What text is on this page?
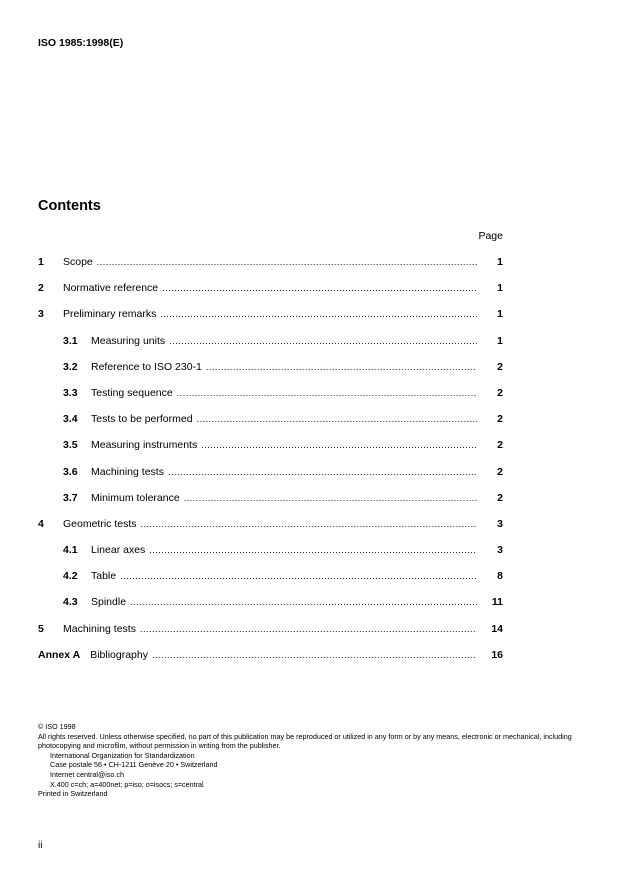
ISO 1985:1998(E)
Contents
Page
1	Scope .....	1
2	Normative reference .....	1
3	Preliminary remarks .....	1
3.1	Measuring units .....	1
3.2	Reference to ISO 230-1 .....	2
3.3	Testing sequence .....	2
3.4	Tests to be performed .....	2
3.5	Measuring instruments .....	2
3.6	Machining tests .....	2
3.7	Minimum tolerance .....	2
4	Geometric tests .....	3
4.1	Linear axes .....	3
4.2	Table .....	8
4.3	Spindle .....	11
5	Machining tests .....	14
Annex A Bibliography .....	16
© ISO 1998
All rights reserved. Unless otherwise specified, no part of this publication may be reproduced or utilized in any form or by any means, electronic or mechanical, including photocopying and microfilm, without permission in writing from the publisher.
International Organization for Standardization
Case postale 56 • CH-1211 Genève 20 • Switzerland
Internet central@iso.ch
X.400 c=ch; a=400net; p=iso; o=isocs; s=central
Printed in Switzerland
ii
